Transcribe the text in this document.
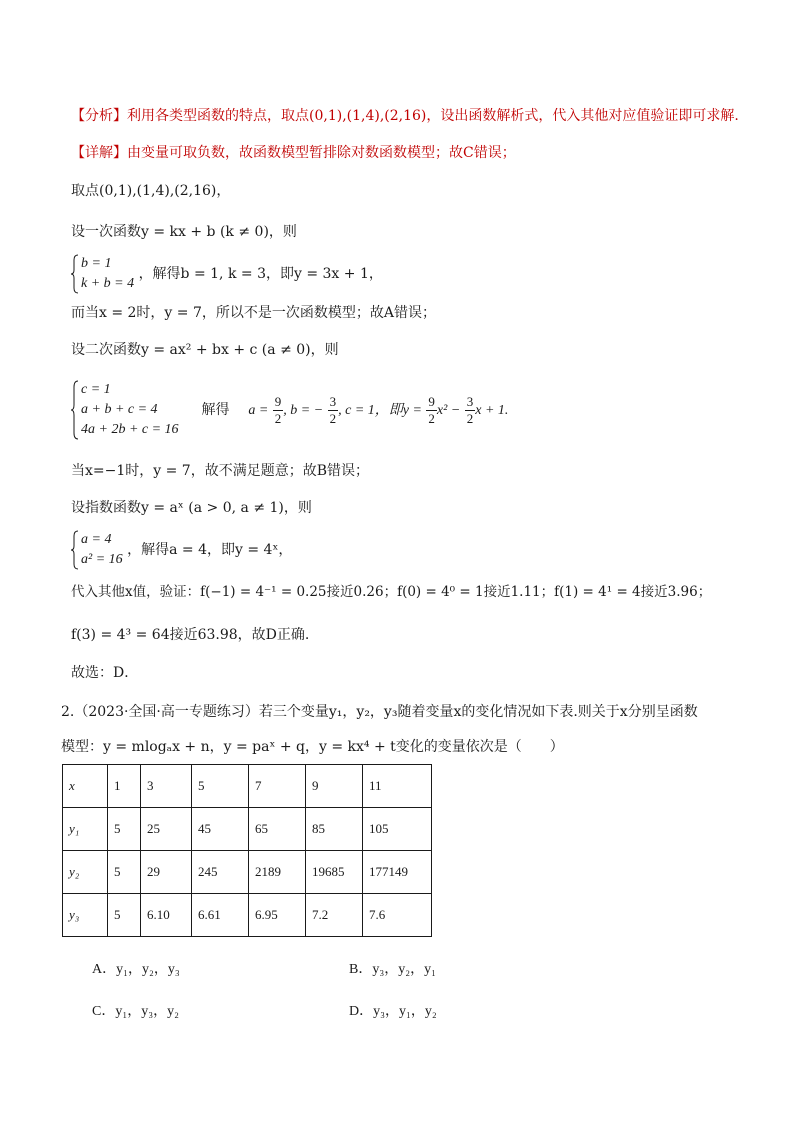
【分析】利用各类型函数的特点，取点(0,1),(1,4),(2,16)，设出函数解析式，代入其他对应值验证即可求解.
【详解】由变量可取负数，故函数模型暂排除对数函数模型；故C错误；
取点(0,1),(1,4),(2,16)，
设一次函数y = kx + b (k ≠ 0)，则
b = 1
k + b = 4
，解得b = 1, k = 3，即y = 3x + 1，
而当x = 2时，y = 7，所以不是一次函数模型；故A错误；
设二次函数y = ax² + bx + c (a ≠ 0)，则
c = 1
a + b + c = 4
4a + 2b + c = 16
解得 $a = \frac{9}{2}$ , b = − $\frac{3}{2}$ , c = 1，即$y = \frac{9}{2} x^2 - \frac{3}{2}$ x + 1.
当x=−1时，y = 7，故不满足题意；故B错误；
设指数函数y = aˣ (a > 0, a ≠ 1)，则
a = 4
a² = 16
，解得a = 4，即y = 4ˣ，
代入其他x值，验证：f(−1) = 4⁻¹ = 0.25接近0.26；f(0) = 4⁰ = 1接近1.11；f(1) = 4¹ = 4接近3.96；
f(3) = 4³ = 64接近63.98，故D正确.
故选：D．
2.（2023·全国·高一专题练习）若三个变量y₁，y₂，y₃随着变量x的变化情况如下表.则关于x分别呈函数
模型：y = mlogₐx + n，y = paˣ + q，y = kx⁴ + t变化的变量依次是（　　）
x	1	3	5	7	9	11
y₁	5	25	45	65	85	105
y₂	5	29	245	2189	19685	177149
y₃	5	6.10	6.61	6.95	7.2	7.6
A．y₁，y₂，y₃	B．y₃，y₂，y₁
C．y₁，y₃，y₂	D．y₃，y₁，y₂
